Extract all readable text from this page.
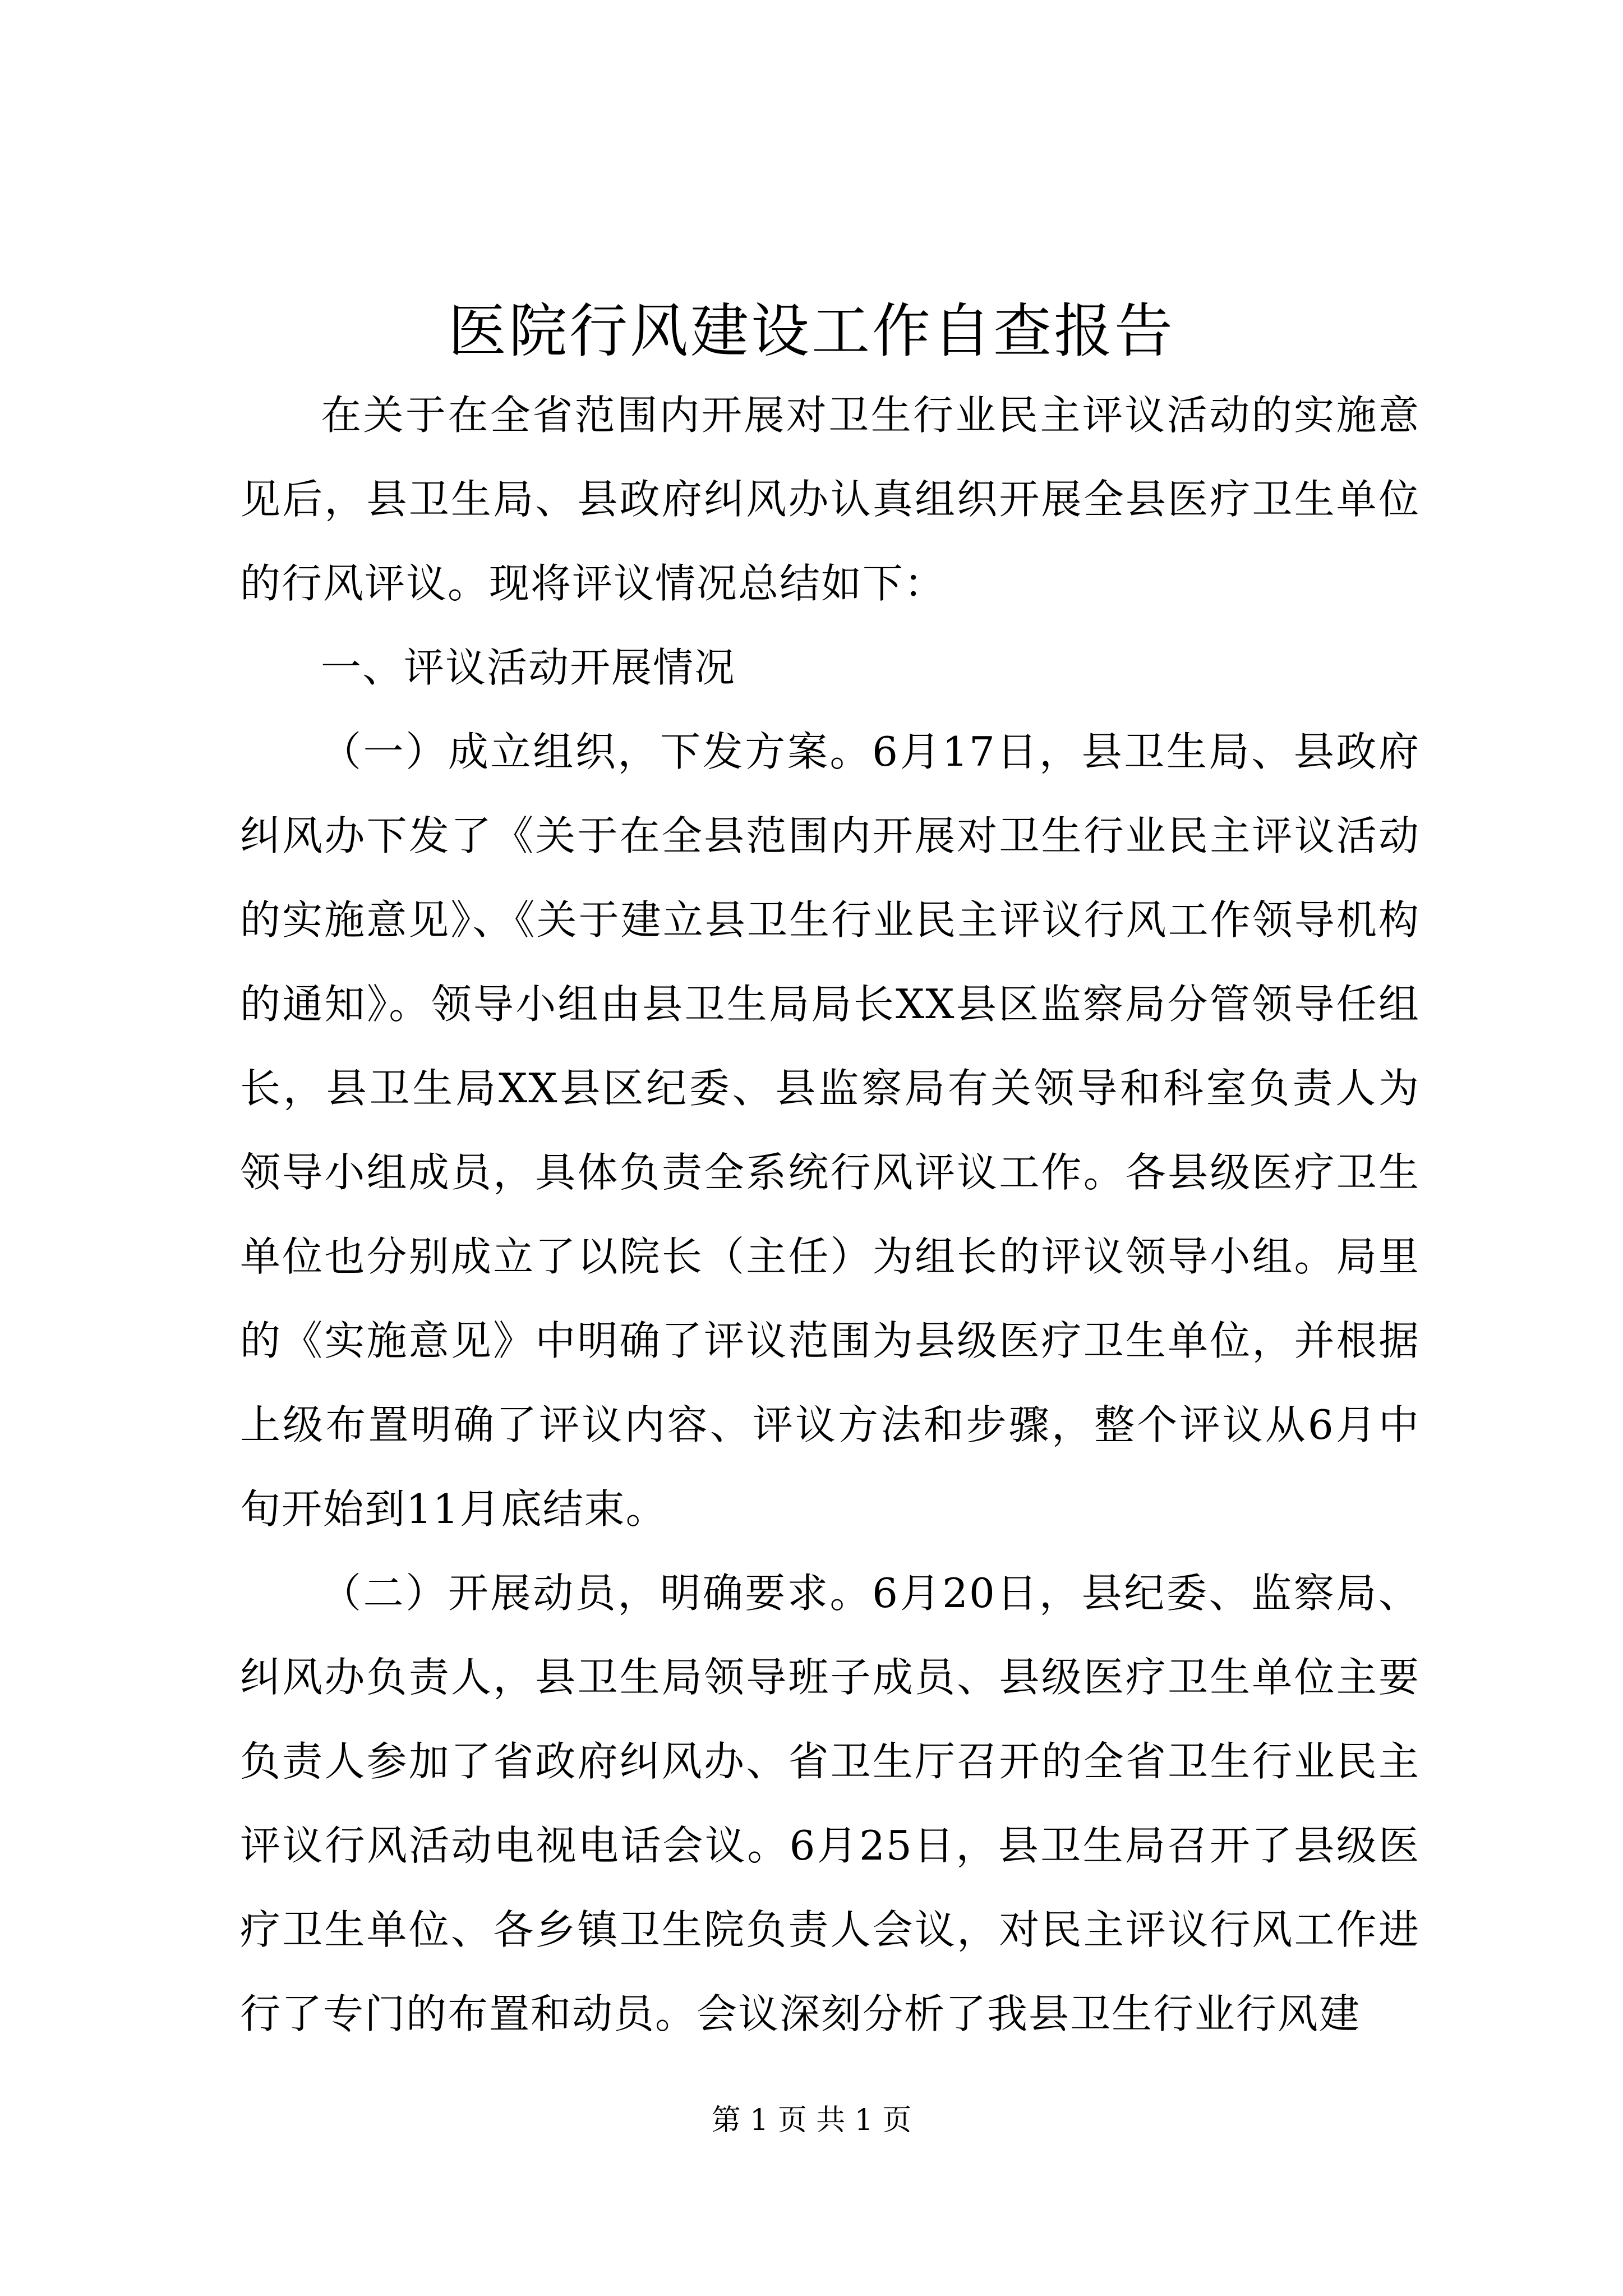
医院行风建设工作自查报告

在关于在全省范围内开展对卫生行业民主评议活动的实施意见后，县卫生局、县政府纠风办认真组织开展全县医疗卫生单位的行风评议。现将评议情况总结如下：

一、评议活动开展情况

（一）成立组织，下发方案。6月17日，县卫生局、县政府纠风办下发了《关于在全县范围内开展对卫生行业民主评议活动的实施意见》、《关于建立县卫生行业民主评议行风工作领导机构的通知》。领导小组由县卫生局局长XX县区监察局分管领导任组长，县卫生局XX县区纪委、县监察局有关领导和科室负责人为领导小组成员，具体负责全系统行风评议工作。各县级医疗卫生单位也分别成立了以院长（主任）为组长的评议领导小组。局里的《实施意见》中明确了评议范围为县级医疗卫生单位，并根据上级布置明确了评议内容、评议方法和步骤，整个评议从6月中旬开始到11月底结束。

（二）开展动员，明确要求。6月20日，县纪委、监察局、纠风办负责人，县卫生局领导班子成员、县级医疗卫生单位主要负责人参加了省政府纠风办、省卫生厅召开的全省卫生行业民主评议行风活动电视电话会议。6月25日，县卫生局召开了县级医疗卫生单位、各乡镇卫生院负责人会议，对民主评议行风工作进行了专门的布置和动员。会议深刻分析了我县卫生行业行风建

第 1 页 共 1 页
